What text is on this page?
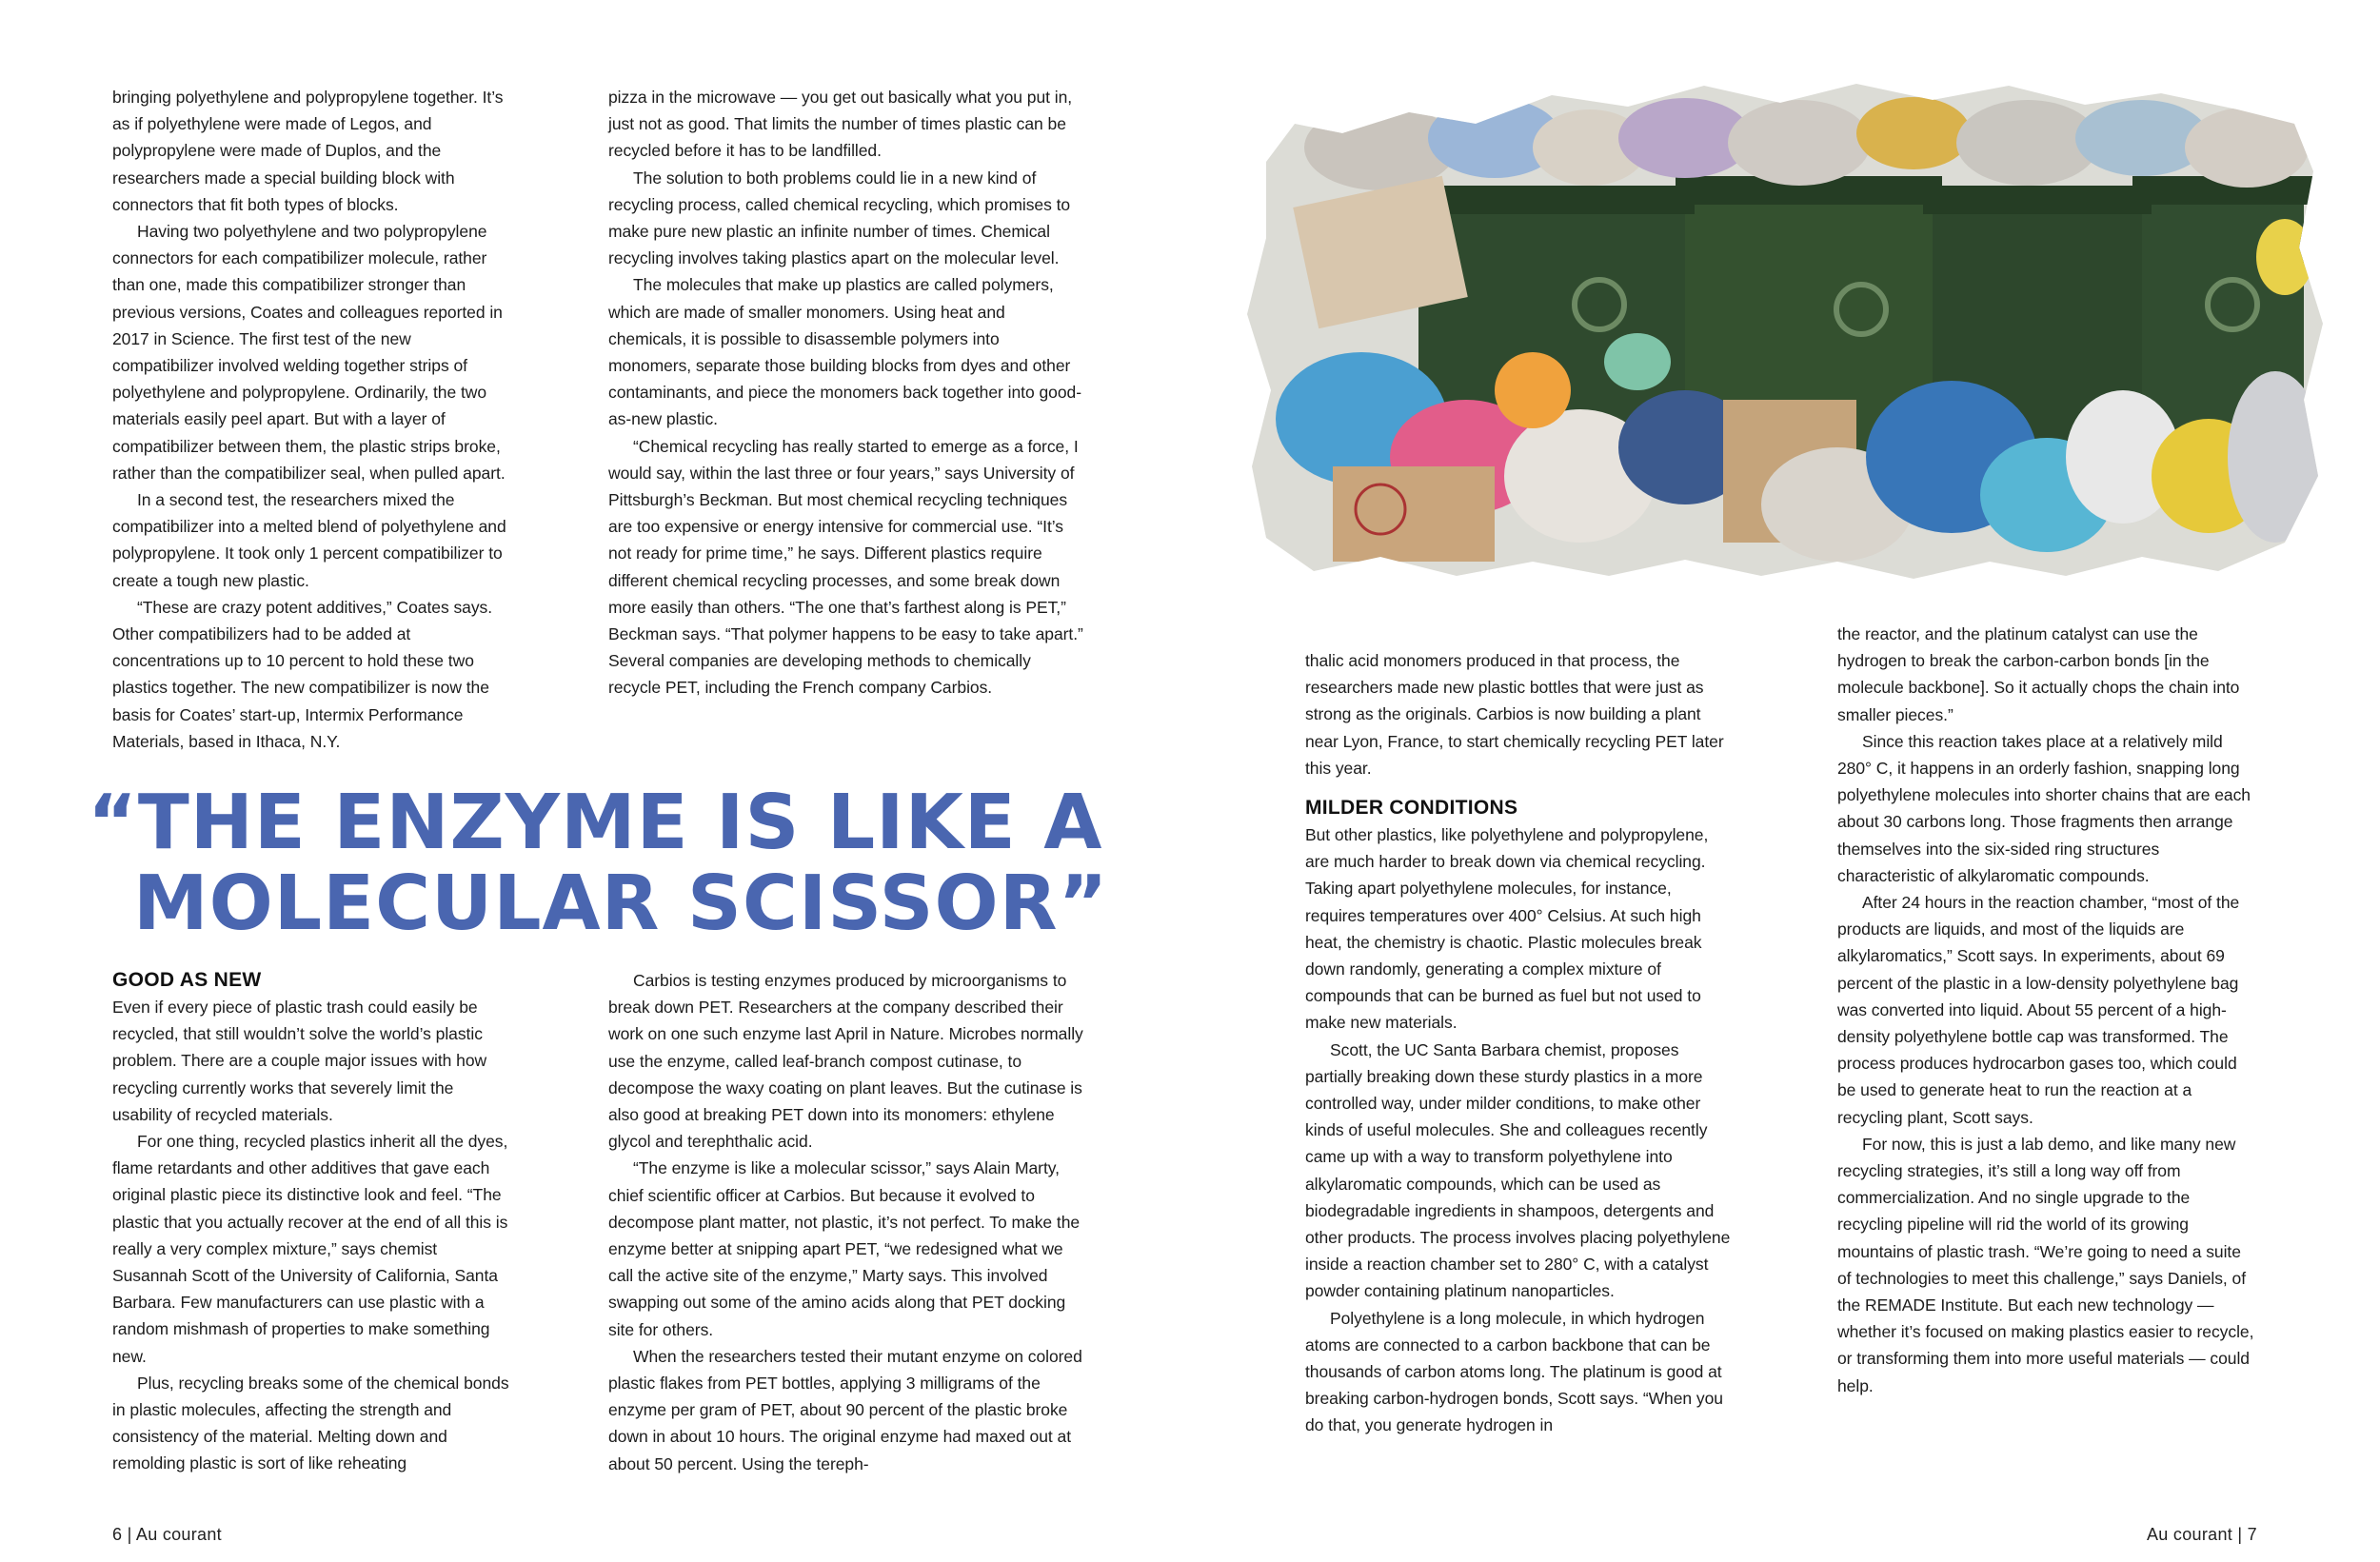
bringing polyethylene and polypropylene together. It’s as if polyethylene were made of Legos, and polypropylene were made of Duplos, and the researchers made a special building block with connectors that fit both types of blocks.

Having two polyethylene and two polypropylene connectors for each compatibilizer molecule, rather than one, made this compatibilizer stronger than previous versions, Coates and colleagues reported in 2017 in Science. The first test of the new compatibilizer involved welding together strips of polyethylene and polypropylene. Ordinarily, the two materials easily peel apart. But with a layer of compatibilizer between them, the plastic strips broke, rather than the compatibilizer seal, when pulled apart.

In a second test, the researchers mixed the compatibilizer into a melted blend of polyethylene and polypropylene. It took only 1 percent compatibilizer to create a tough new plastic.

“These are crazy potent additives,” Coates says. Other compatibilizers had to be added at concentrations up to 10 percent to hold these two plastics together. The new compatibilizer is now the basis for Coates’ start-up, Intermix Performance Materials, based in Ithaca, N.Y.

pizza in the microwave — you get out basically what you put in, just not as good. That limits the number of times plastic can be recycled before it has to be landfilled.

The solution to both problems could lie in a new kind of recycling process, called chemical recycling, which promises to make pure new plastic an infinite number of times. Chemical recycling involves taking plastics apart on the molecular level.

The molecules that make up plastics are called polymers, which are made of smaller monomers. Using heat and chemicals, it is possible to disassemble polymers into monomers, separate those building blocks from dyes and other contaminants, and piece the monomers back together into good-as-new plastic.

“Chemical recycling has really started to emerge as a force, I would say, within the last three or four years,” says University of Pittsburgh’s Beckman. But most chemical recycling techniques are too expensive or energy intensive for commercial use. “It’s not ready for prime time,” he says. Different plastics require different chemical recycling processes, and some break down more easily than others. “The one that’s farthest along is PET,” Beckman says. “That polymer happens to be easy to take apart.” Several companies are developing methods to chemically recycle PET, including the French company Carbios.

“THE ENZYME IS LIKE A
MOLECULAR SCISSOR”
GOOD AS NEW

Even if every piece of plastic trash could easily be recycled, that still wouldn’t solve the world’s plastic problem. There are a couple major issues with how recycling currently works that severely limit the usability of recycled materials.

For one thing, recycled plastics inherit all the dyes, flame retardants and other additives that gave each original plastic piece its distinctive look and feel. “The plastic that you actually recover at the end of all this is really a very complex mixture,” says chemist Susannah Scott of the University of California, Santa Barbara. Few manufacturers can use plastic with a random mishmash of properties to make something new.

Plus, recycling breaks some of the chemical bonds in plastic molecules, affecting the strength and consistency of the material. Melting down and remolding plastic is sort of like reheating

Carbios is testing enzymes produced by microorganisms to break down PET. Researchers at the company described their work on one such enzyme last April in Nature. Microbes normally use the enzyme, called leaf-branch compost cutinase, to decompose the waxy coating on plant leaves. But the cutinase is also good at breaking PET down into its monomers: ethylene glycol and terephthalic acid.

“The enzyme is like a molecular scissor,” says Alain Marty, chief scientific officer at Carbios. But because it evolved to decompose plant matter, not plastic, it’s not perfect. To make the enzyme better at snipping apart PET, “we redesigned what we call the active site of the enzyme,” Marty says. This involved swapping out some of the amino acids along that PET docking site for others.

When the researchers tested their mutant enzyme on colored plastic flakes from PET bottles, applying 3 milligrams of the enzyme per gram of PET, about 90 percent of the plastic broke down in about 10 hours. The original enzyme had maxed out at about 50 percent. Using the tereph-

thalic acid monomers produced in that process, the researchers made new plastic bottles that were just as strong as the originals. Carbios is now building a plant near Lyon, France, to start chemically recycling PET later this year.

MILDER CONDITIONS

But other plastics, like polyethylene and polypropylene, are much harder to break down via chemical recycling. Taking apart polyethylene molecules, for instance, requires temperatures over 400° Celsius. At such high heat, the chemistry is chaotic. Plastic molecules break down randomly, generating a complex mixture of compounds that can be burned as fuel but not used to make new materials.

Scott, the UC Santa Barbara chemist, proposes partially breaking down these sturdy plastics in a more controlled way, under milder conditions, to make other kinds of useful molecules. She and colleagues recently came up with a way to transform polyethylene into alkylaromatic compounds, which can be used as biodegradable ingredients in shampoos, detergents and other products. The process involves placing polyethylene inside a reaction chamber set to 280° C, with a catalyst powder containing platinum nanoparticles.

Polyethylene is a long molecule, in which hydrogen atoms are connected to a carbon backbone that can be thousands of carbon atoms long. The platinum is good at breaking carbon-hydrogen bonds, Scott says. “When you do that, you generate hydrogen in

the reactor, and the platinum catalyst can use the hydrogen to break the carbon-carbon bonds [in the molecule backbone]. So it actually chops the chain into smaller pieces.”

Since this reaction takes place at a relatively mild 280° C, it happens in an orderly fashion, snapping long polyethylene molecules into shorter chains that are each about 30 carbons long. Those fragments then arrange themselves into the six-sided ring structures characteristic of alkylaromatic compounds.

After 24 hours in the reaction chamber, “most of the products are liquids, and most of the liquids are alkylaromatics,” Scott says. In experiments, about 69 percent of the plastic in a low-density polyethylene bag was converted into liquid. About 55 percent of a high-density polyethylene bottle cap was transformed. The process produces hydrocarbon gases too, which could be used to generate heat to run the reaction at a recycling plant, Scott says.

For now, this is just a lab demo, and like many new recycling strategies, it’s still a long way off from commercialization. And no single upgrade to the recycling pipeline will rid the world of its growing mountains of plastic trash. “We’re going to need a suite of technologies to meet this challenge,” says Daniels, of the REMADE Institute. But each new technology — whether it’s focused on making plastics easier to recycle, or transforming them into more useful materials — could help.

6 | Au courant	Au courant | 7
